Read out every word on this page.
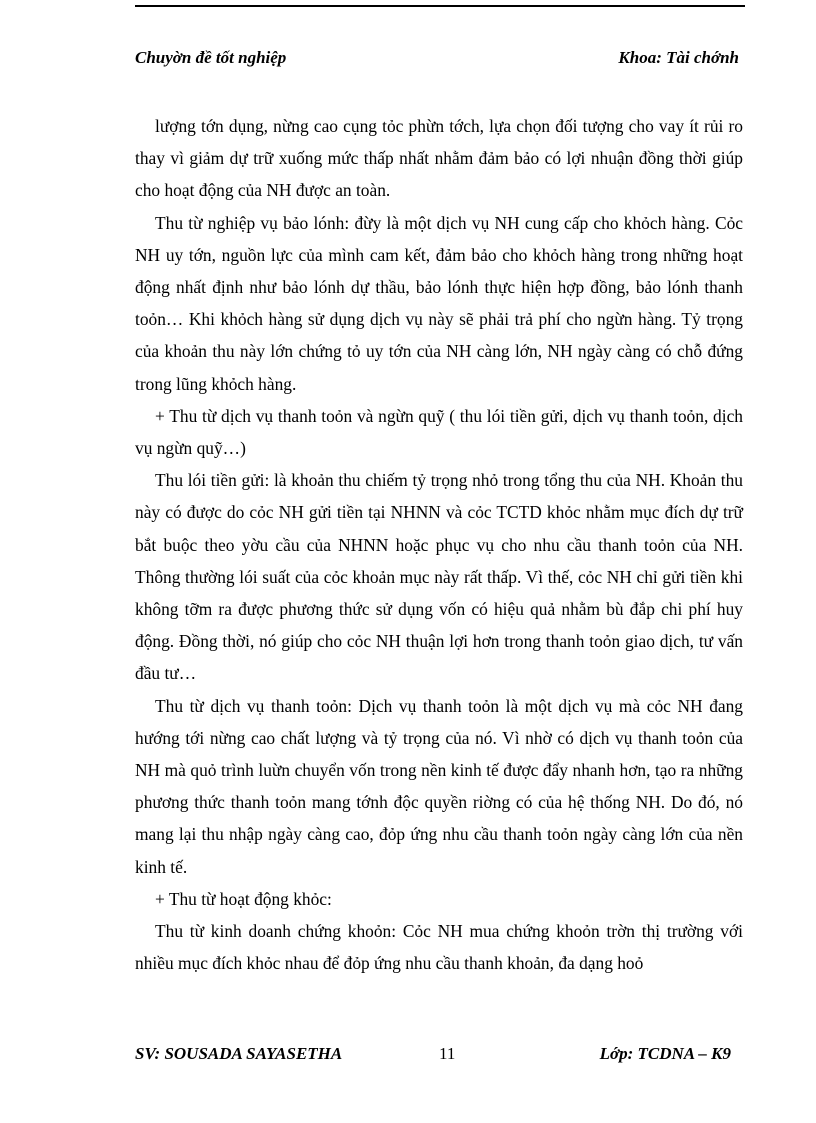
Chuyờn đề tốt nghiệp	Khoa: Tài chớnh

lượng tớn dụng, nừng cao cụng tỏc phừn tớch, lựa chọn đối tượng cho vay ít rủi ro thay vì giảm dự trữ xuống mức thấp nhất nhằm đảm bảo có lợi nhuận đồng thời giúp cho hoạt động của NH được an toàn.

Thu từ nghiệp vụ bảo lónh: đừy là một dịch vụ NH cung cấp cho khỏch hàng. Cỏc NH uy tớn, nguồn lực của mình cam kết, đảm bảo cho khỏch hàng trong những hoạt động nhất định như bảo lónh dự thầu, bảo lónh thực hiện hợp đồng, bảo lónh thanh toỏn… Khi khỏch hàng sử dụng dịch vụ này sẽ phải trả phí cho ngừn hàng. Tỷ trọng của khoản thu này lớn chứng tỏ uy tớn của NH càng lớn, NH ngày càng có chỗ đứng trong lũng khỏch hàng.

+ Thu từ dịch vụ thanh toỏn và ngừn quỹ ( thu lói tiền gửi, dịch vụ thanh toỏn, dịch vụ ngừn quỹ…)

Thu lói tiền gửi: là khoản thu chiếm tỷ trọng nhỏ trong tổng thu của NH. Khoản thu này có được do cỏc NH gửi tiền tại NHNN và cỏc TCTD khỏc nhằm mục đích dự trữ bắt buộc theo yờu cầu của NHNN hoặc phục vụ cho nhu cầu thanh toỏn của NH. Thông thường lói suất của cỏc khoản mục này rất thấp. Vì thế, cỏc NH chỉ gửi tiền khi không tỡm ra được phương thức sử dụng vốn có hiệu quả nhằm bù đắp chi phí huy động. Đồng thời, nó giúp cho cỏc NH thuận lợi hơn trong thanh toỏn giao dịch, tư vấn đầu tư…

Thu từ dịch vụ thanh toỏn: Dịch vụ thanh toỏn là một dịch vụ mà cỏc NH đang hướng tới nừng cao chất lượng và tỷ trọng của nó. Vì nhờ có dịch vụ thanh toỏn của NH mà quỏ trình luừn chuyển vốn trong nền kinh tế được đẩy nhanh hơn, tạo ra những phương thức thanh toỏn mang tớnh độc quyền riờng có của hệ thống NH. Do đó, nó mang lại thu nhập ngày càng cao, đỏp ứng nhu cầu thanh toỏn ngày càng lớn của nền kinh tế.

+ Thu từ hoạt động khỏc:

Thu từ kinh doanh chứng khoỏn: Cỏc NH mua chứng khoỏn trờn thị trường với nhiều mục đích khỏc nhau để đỏp ứng nhu cầu thanh khoản, đa dạng hoỏ

SV: SOUSADA SAYASETHA	11	Lớp: TCDNA – K9
